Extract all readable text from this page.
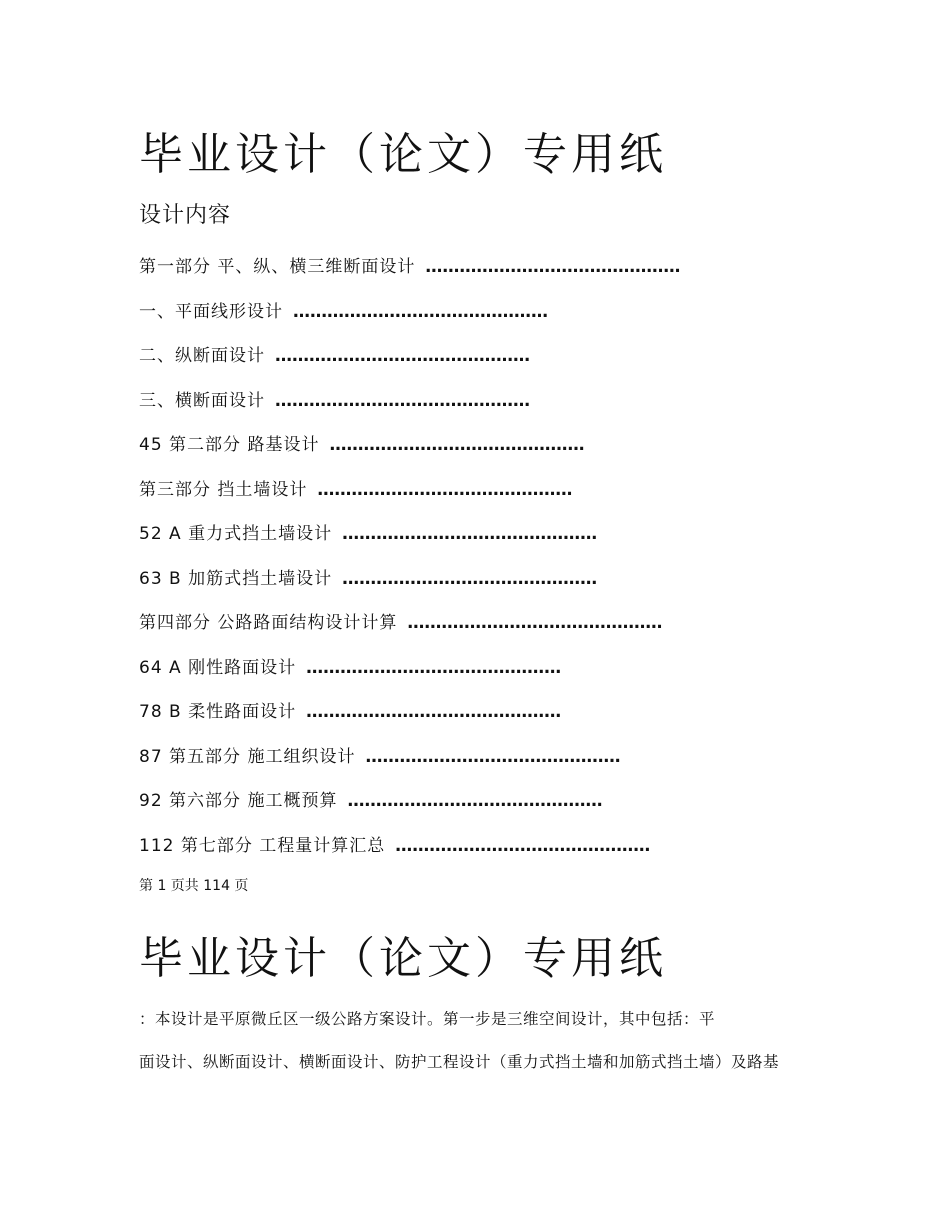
毕业设计（论文）专用纸
设计内容
第一部分 平、纵、横三维断面设计 ………………………………………
一、平面线形设计 ………………………………………
二、纵断面设计 ………………………………………
三、横断面设计 ………………………………………
45 第二部分 路基设计 ………………………………………
第三部分 挡土墙设计 ………………………………………
52 A 重力式挡土墙设计 ………………………………………
63 B 加筋式挡土墙设计 ………………………………………
第四部分 公路路面结构设计计算 ………………………………………
64 A 刚性路面设计 ………………………………………
78 B 柔性路面设计 ………………………………………
87 第五部分 施工组织设计 ………………………………………
92 第六部分 施工概预算 ………………………………………
112 第七部分 工程量计算汇总 ………………………………………
第 1 页共 114 页
毕业设计（论文）专用纸

：本设计是平原微丘区一级公路方案设计。第一步是三维空间设计，其中包括：平

面设计、纵断面设计、横断面设计、防护工程设计（重力式挡土墙和加筋式挡土墙）及路基
